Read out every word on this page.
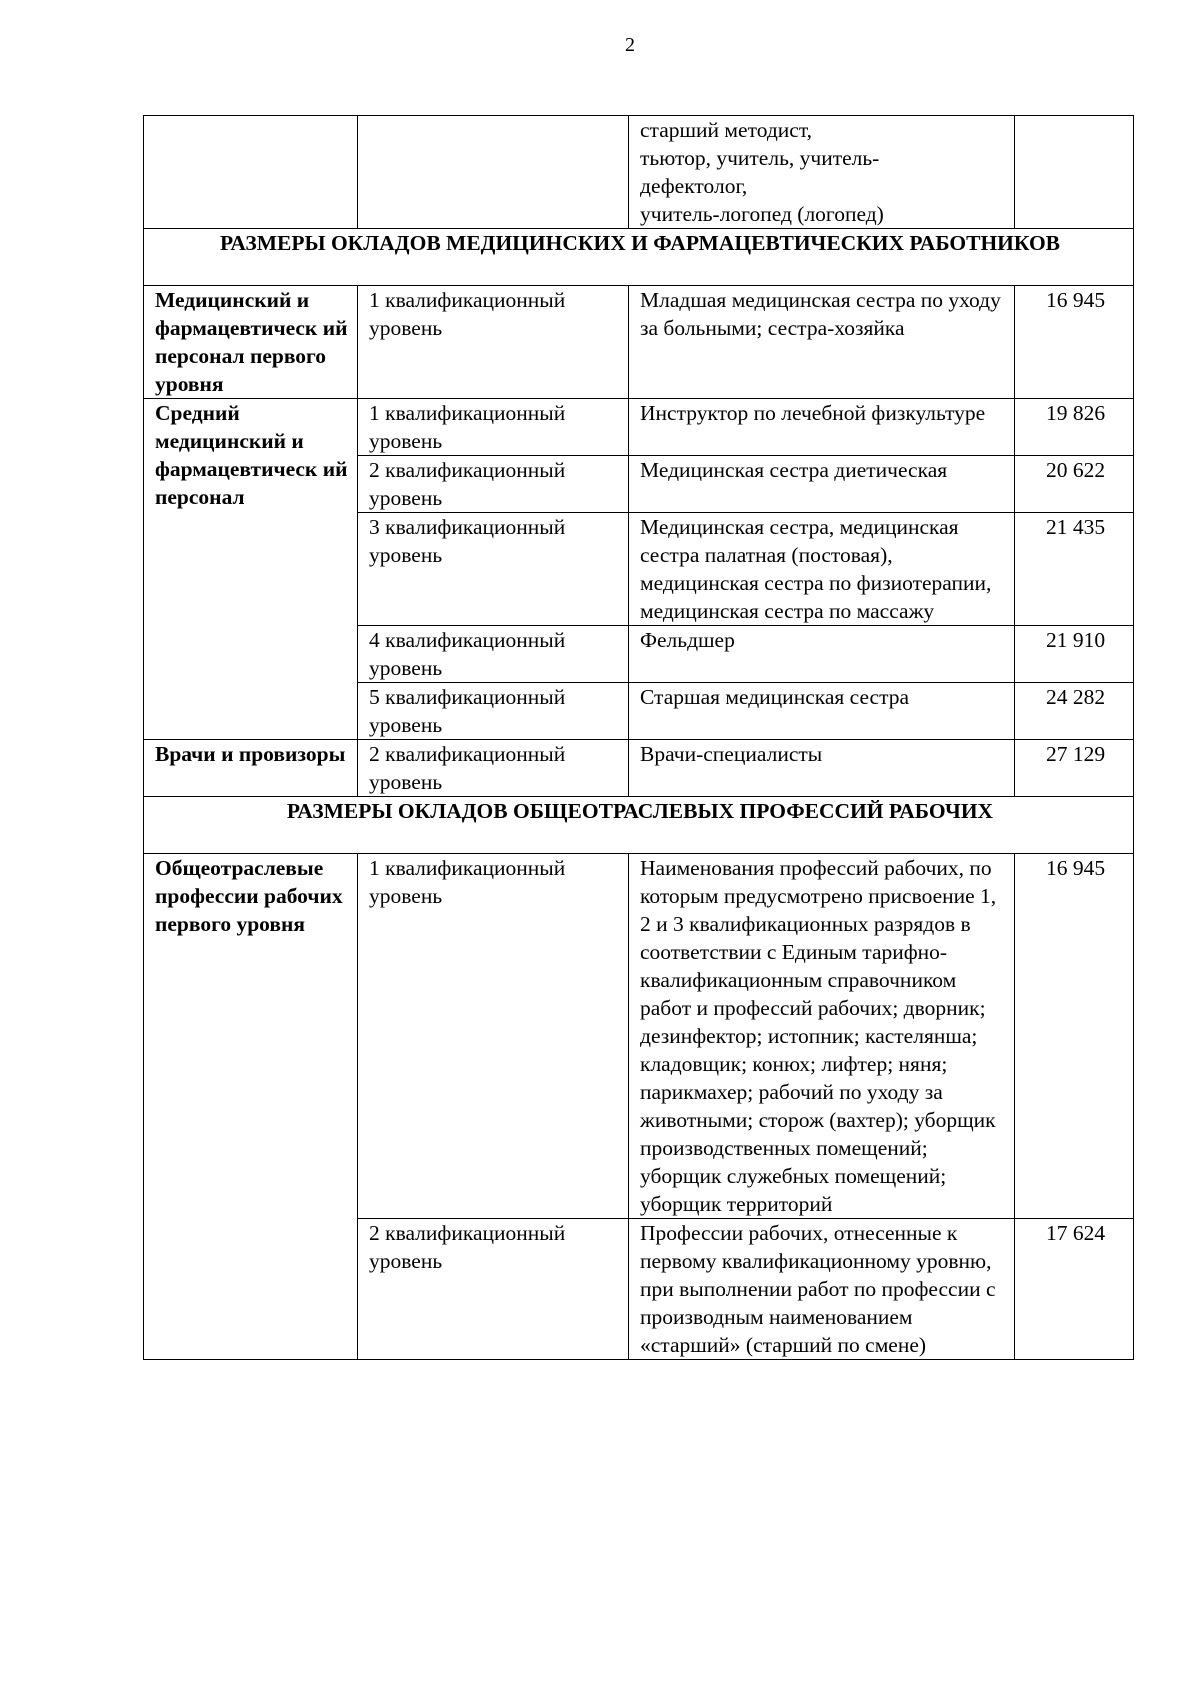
2

		старший методист,
тьютор, учитель, учитель-
дефектолог,
учитель-логопед (логопед)	

РАЗМЕРЫ ОКЛАДОВ МЕДИЦИНСКИХ И ФАРМАЦЕВТИЧЕСКИХ РАБОТНИКОВ			
Медицинский и фармацевтическ ий персонал первого уровня	1 квалификационный уровень	Младшая медицинская сестра по уходу за больными; сестра-хозяйка	16 945
Средний медицинский и фармацевтическ ий персонал	1 квалификационный уровень	Инструктор по лечебной физкультуре	19 826
	2 квалификационный уровень	Медицинская сестра диетическая	20 622
	3 квалификационный уровень	Медицинская сестра, медицинская сестра палатная (постовая), медицинская сестра по физиотерапии, медицинская сестра по массажу	21 435
	4 квалификационный уровень	Фельдшер	21 910
	5 квалификационный уровень	Старшая медицинская сестра	24 282
Врачи и провизоры	2 квалификационный уровень	Врачи-специалисты	27 129
РАЗМЕРЫ ОКЛАДОВ ОБЩЕОТРАСЛЕВЫХ ПРОФЕССИЙ РАБОЧИХ			
Общеотраслевые профессии рабочих первого уровня	1 квалификационный уровень	Наименования профессий рабочих, по которым предусмотрено присвоение 1, 2 и 3 квалификационных разрядов в соответствии с Единым тарифно-квалификационным справочником работ и профессий рабочих; дворник; дезинфектор; истопник; кастелянша; кладовщик; конюх; лифтер; няня; парикмахер; рабочий по уходу за животными; сторож (вахтер); уборщик производственных помещений; уборщик служебных помещений; уборщик территорий	16 945
	2 квалификационный уровень	Профессии рабочих, отнесенные к первому квалификационному уровню, при выполнении работ по профессии с производным наименованием «старший» (старший по смене)	17 624
